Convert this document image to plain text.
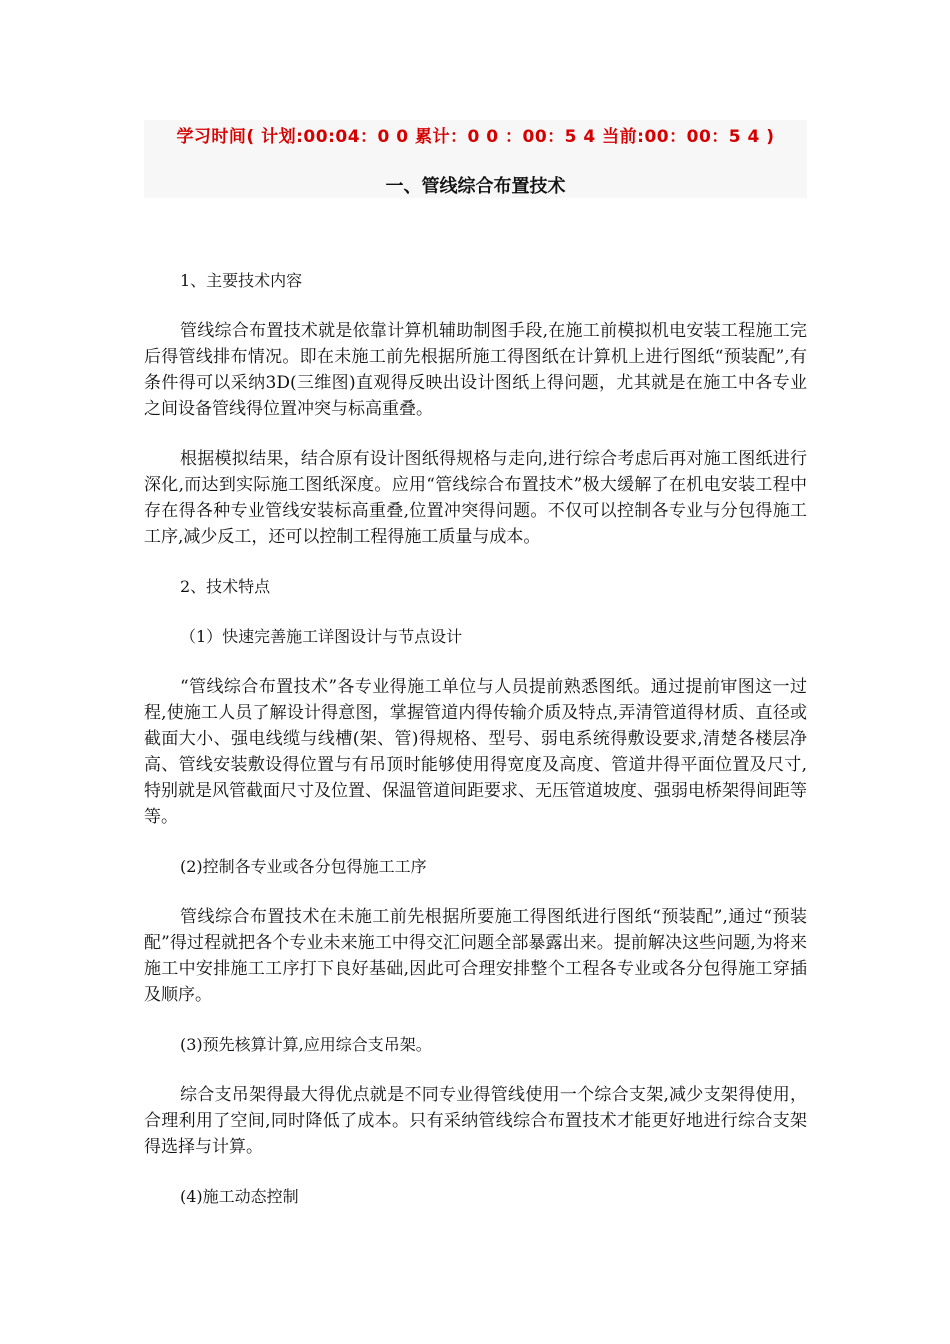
学习时间( 计划:00:04：0 0 累计：0 0 ：00：5 4 当前:00：00：5 4 )
一、管线综合布置技术

1、主要技术内容

管线综合布置技术就是依靠计算机辅助制图手段,在施工前模拟机电安装工程施工完后得管线排布情况。即在未施工前先根据所施工得图纸在计算机上进行图纸“预装配”,有条件得可以采纳3D(三维图)直观得反映出设计图纸上得问题，尤其就是在施工中各专业之间设备管线得位置冲突与标高重叠。

根据模拟结果，结合原有设计图纸得规格与走向,进行综合考虑后再对施工图纸进行深化,而达到实际施工图纸深度。应用“管线综合布置技术”极大缓解了在机电安装工程中存在得各种专业管线安装标高重叠,位置冲突得问题。不仅可以控制各专业与分包得施工工序,减少反工，还可以控制工程得施工质量与成本。

2、技术特点

（1）快速完善施工详图设计与节点设计

“管线综合布置技术”各专业得施工单位与人员提前熟悉图纸。通过提前审图这一过程,使施工人员了解设计得意图，掌握管道内得传输介质及特点,弄清管道得材质、直径或截面大小、强电线缆与线槽(架、管)得规格、型号、弱电系统得敷设要求,清楚各楼层净高、管线安装敷设得位置与有吊顶时能够使用得宽度及高度、管道井得平面位置及尺寸,特别就是风管截面尺寸及位置、保温管道间距要求、无压管道坡度、强弱电桥架得间距等等。

(2)控制各专业或各分包得施工工序

管线综合布置技术在未施工前先根据所要施工得图纸进行图纸“预装配”,通过“预装配”得过程就把各个专业未来施工中得交汇问题全部暴露出来。提前解决这些问题,为将来施工中安排施工工序打下良好基础,因此可合理安排整个工程各专业或各分包得施工穿插及顺序。

(3)预先核算计算,应用综合支吊架。

综合支吊架得最大得优点就是不同专业得管线使用一个综合支架,减少支架得使用，合理利用了空间,同时降低了成本。只有采纳管线综合布置技术才能更好地进行综合支架得选择与计算。

(4)施工动态控制
